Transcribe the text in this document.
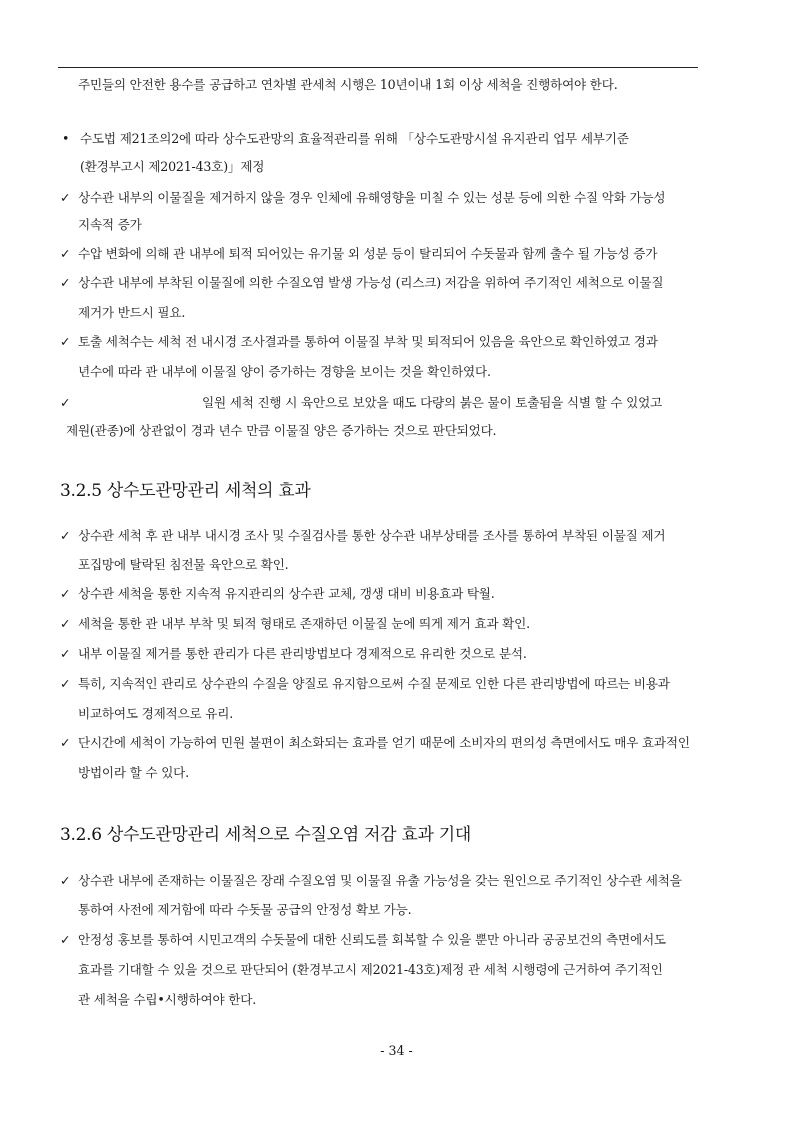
주민들의 안전한 용수를 공급하고 연차별 관세척 시행은 10년이내 1회 이상 세척을 진행하여야 한다.
• 수도법 제21조의2에 따라 상수도관망의 효율적관리를 위해 「상수도관망시설 유지관리 업무 세부기준
(환경부고시 제2021-43호)」제정
✓ 상수관 내부의 이물질을 제거하지 않을 경우 인체에 유해영향을 미칠 수 있는 성분 등에 의한 수질 악화 가능성
지속적 증가
✓ 수압 변화에 의해 관 내부에 퇴적 되어있는 유기물 외 성분 등이 탈리되어 수돗물과 함께 출수 될 가능성 증가
✓ 상수관 내부에 부착된 이물질에 의한 수질오염 발생 가능성 (리스크) 저감을 위하여 주기적인 세척으로 이물질
제거가 반드시 필요.
✓ 토출 세척수는 세척 전 내시경 조사결과를 통하여 이물질 부착 및 퇴적되어 있음을 육안으로 확인하였고 경과
년수에 따라 관 내부에 이물질 양이 증가하는 경향을 보이는 것을 확인하였다.
✓	일원 세척 진행 시 육안으로 보았을 때도 다량의 붉은 물이 토출됨을 식별 할 수 있었고
제원(관종)에 상관없이 경과 년수 만큼 이물질 양은 증가하는 것으로 판단되었다.
3.2.5 상수도관망관리 세척의 효과
✓ 상수관 세척 후 관 내부 내시경 조사 및 수질검사를 통한 상수관 내부상태를 조사를 통하여 부착된 이물질 제거
포집망에 탈락된 침전물 육안으로 확인.
✓ 상수관 세척을 통한 지속적 유지관리의 상수관 교체, 갱생 대비 비용효과 탁월.
✓ 세척을 통한 관 내부 부착 및 퇴적 형태로 존재하던 이물질 눈에 띄게 제거 효과 확인.
✓ 내부 이물질 제거를 통한 관리가 다른 관리방법보다 경제적으로 유리한 것으로 분석.
✓ 특히, 지속적인 관리로 상수관의 수질을 양질로 유지함으로써 수질 문제로 인한 다른 관리방법에 따르는 비용과
비교하여도 경제적으로 유리.
✓ 단시간에 세척이 가능하여 민원 불편이 최소화되는 효과를 얻기 때문에 소비자의 편의성 측면에서도 매우 효과적인
방법이라 할 수 있다.
3.2.6 상수도관망관리 세척으로 수질오염 저감 효과 기대
✓ 상수관 내부에 존재하는 이물질은 장래 수질오염 및 이물질 유출 가능성을 갖는 원인으로 주기적인 상수관 세척을
통하여 사전에 제거함에 따라 수돗물 공급의 안정성 확보 가능.
✓ 안정성 홍보를 통하여 시민고객의 수돗물에 대한 신뢰도를 회복할 수 있을 뿐만 아니라 공공보건의 측면에서도
효과를 기대할 수 있을 것으로 판단되어 (환경부고시 제2021-43호)제정 관 세척 시행령에 근거하여 주기적인
관 세척을 수립•시행하여야 한다.
- 34 -
